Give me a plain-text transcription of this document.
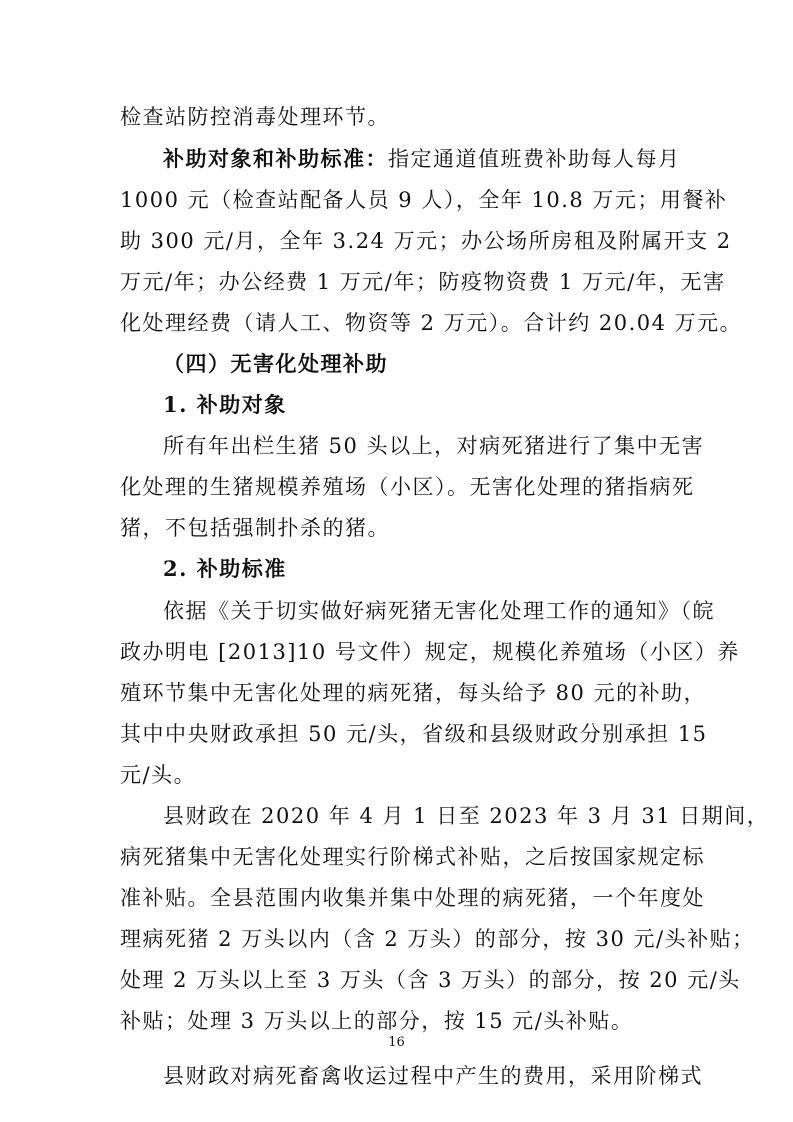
检查站防控消毒处理环节。
补助对象和补助标准：指定通道值班费补助每人每月
1000 元（检查站配备人员 9 人），全年 10.8 万元；用餐补
助 300 元/月，全年 3.24 万元；办公场所房租及附属开支 2
万元/年；办公经费 1 万元/年；防疫物资费 1 万元/年，无害
化处理经费（请人工、物资等 2 万元）。合计约 20.04 万元。
（四）无害化处理补助
1. 补助对象
所有年出栏生猪 50 头以上，对病死猪进行了集中无害
化处理的生猪规模养殖场（小区）。无害化处理的猪指病死
猪，不包括强制扑杀的猪。
2. 补助标准
依据《关于切实做好病死猪无害化处理工作的通知》（皖
政办明电 [2013]10 号文件）规定，规模化养殖场（小区）养
殖环节集中无害化处理的病死猪，每头给予 80 元的补助，
其中中央财政承担 50 元/头，省级和县级财政分别承担 15
元/头。
县财政在 2020 年 4 月 1 日至 2023 年 3 月 31 日期间，
病死猪集中无害化处理实行阶梯式补贴，之后按国家规定标
准补贴。全县范围内收集并集中处理的病死猪，一个年度处
理病死猪 2 万头以内（含 2 万头）的部分，按 30 元/头补贴；
处理 2 万头以上至 3 万头（含 3 万头）的部分，按 20 元/头
补贴；处理 3 万头以上的部分，按 15 元/头补贴。
县财政对病死畜禽收运过程中产生的费用，采用阶梯式
16
